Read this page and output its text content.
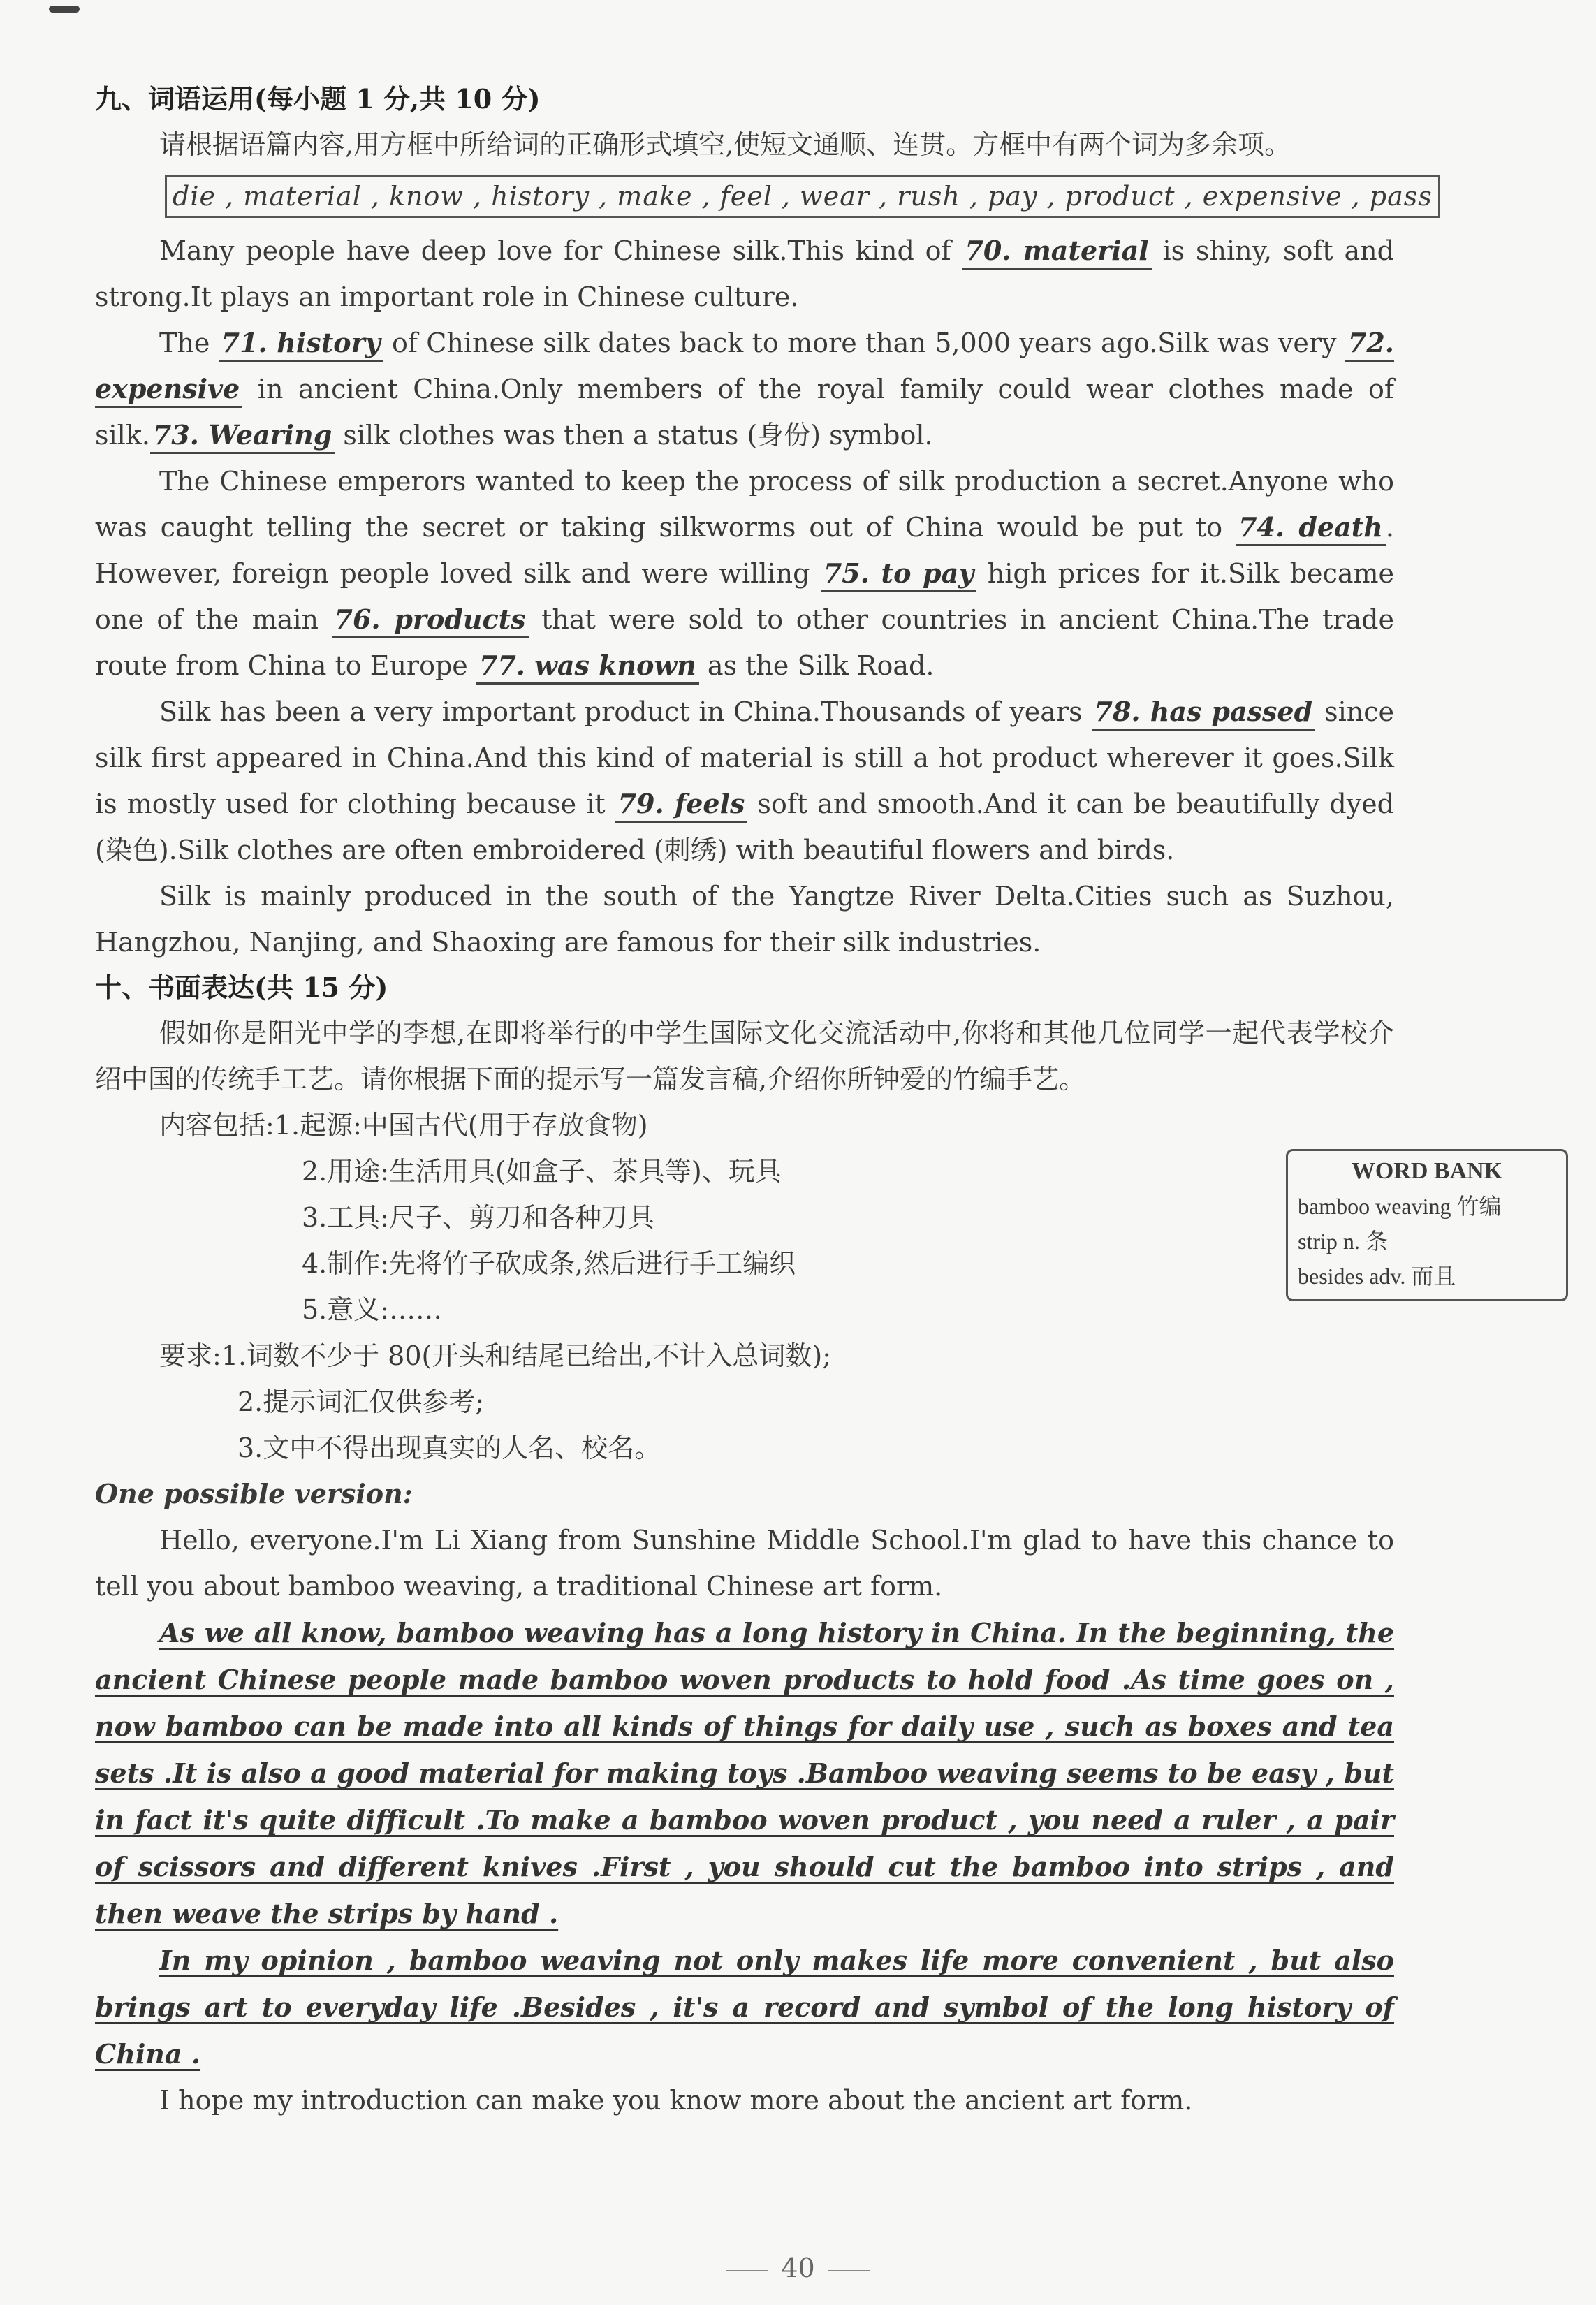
九、词语运用(每小题 1 分,共 10 分)

请根据语篇内容,用方框中所给词的正确形式填空,使短文通顺、连贯。方框中有两个词为多余项。

die , material , know , history , make , feel , wear , rush , pay , product , expensive , pass

Many people have deep love for Chinese silk.This kind of 70. material is shiny, soft and strong.It plays an important role in Chinese culture.

The 71. history of Chinese silk dates back to more than 5,000 years ago.Silk was very 72. expensive in ancient China.Only members of the royal family could wear clothes made of silk. 73. Wearing silk clothes was then a status (身份) symbol.

The Chinese emperors wanted to keep the process of silk production a secret.Anyone who was caught telling the secret or taking silkworms out of China would be put to 74. death . However, foreign people loved silk and were willing 75. to pay high prices for it.Silk became one of the main 76. products that were sold to other countries in ancient China.The trade route from China to Europe 77. was known as the Silk Road.

Silk has been a very important product in China.Thousands of years 78. has passed since silk first appeared in China.And this kind of material is still a hot product wherever it goes.Silk is mostly used for clothing because it 79. feels soft and smooth.And it can be beautifully dyed (染色).Silk clothes are often embroidered (刺绣) with beautiful flowers and birds.

Silk is mainly produced in the south of the Yangtze River Delta.Cities such as Suzhou, Hangzhou, Nanjing, and Shaoxing are famous for their silk industries.

十、书面表达(共 15 分)

假如你是阳光中学的李想,在即将举行的中学生国际文化交流活动中,你将和其他几位同学一起代表学校介绍中国的传统手工艺。请你根据下面的提示写一篇发言稿,介绍你所钟爱的竹编手艺。

内容包括:1.起源:中国古代(用于存放食物)
2.用途:生活用具(如盒子、茶具等)、玩具
3.工具:尺子、剪刀和各种刀具
4.制作:先将竹子砍成条,然后进行手工编织
5.意义:……
要求:1.词数不少于 80(开头和结尾已给出,不计入总词数);
2.提示词汇仅供参考;
3.文中不得出现真实的人名、校名。

One possible version:

Hello, everyone.I'm Li Xiang from Sunshine Middle School.I'm glad to have this chance to tell you about bamboo weaving, a traditional Chinese art form.

As we all know, bamboo weaving has a long history in China. In the beginning, the ancient Chinese people made bamboo woven products to hold food .As time goes on , now bamboo can be made into all kinds of things for daily use , such as boxes and tea sets .It is also a good material for making toys .Bamboo weaving seems to be easy , but in fact it's quite difficult .To make a bamboo woven product , you need a ruler , a pair of scissors and different knives .First , you should cut the bamboo into strips , and then weave the strips by hand .

In my opinion , bamboo weaving not only makes life more convenient , but also brings art to everyday life .Besides , it's a record and symbol of the long history of China .

I hope my introduction can make you know more about the ancient art form.

WORD BANK
bamboo weaving 竹编
strip n. 条
besides adv. 而且
40
